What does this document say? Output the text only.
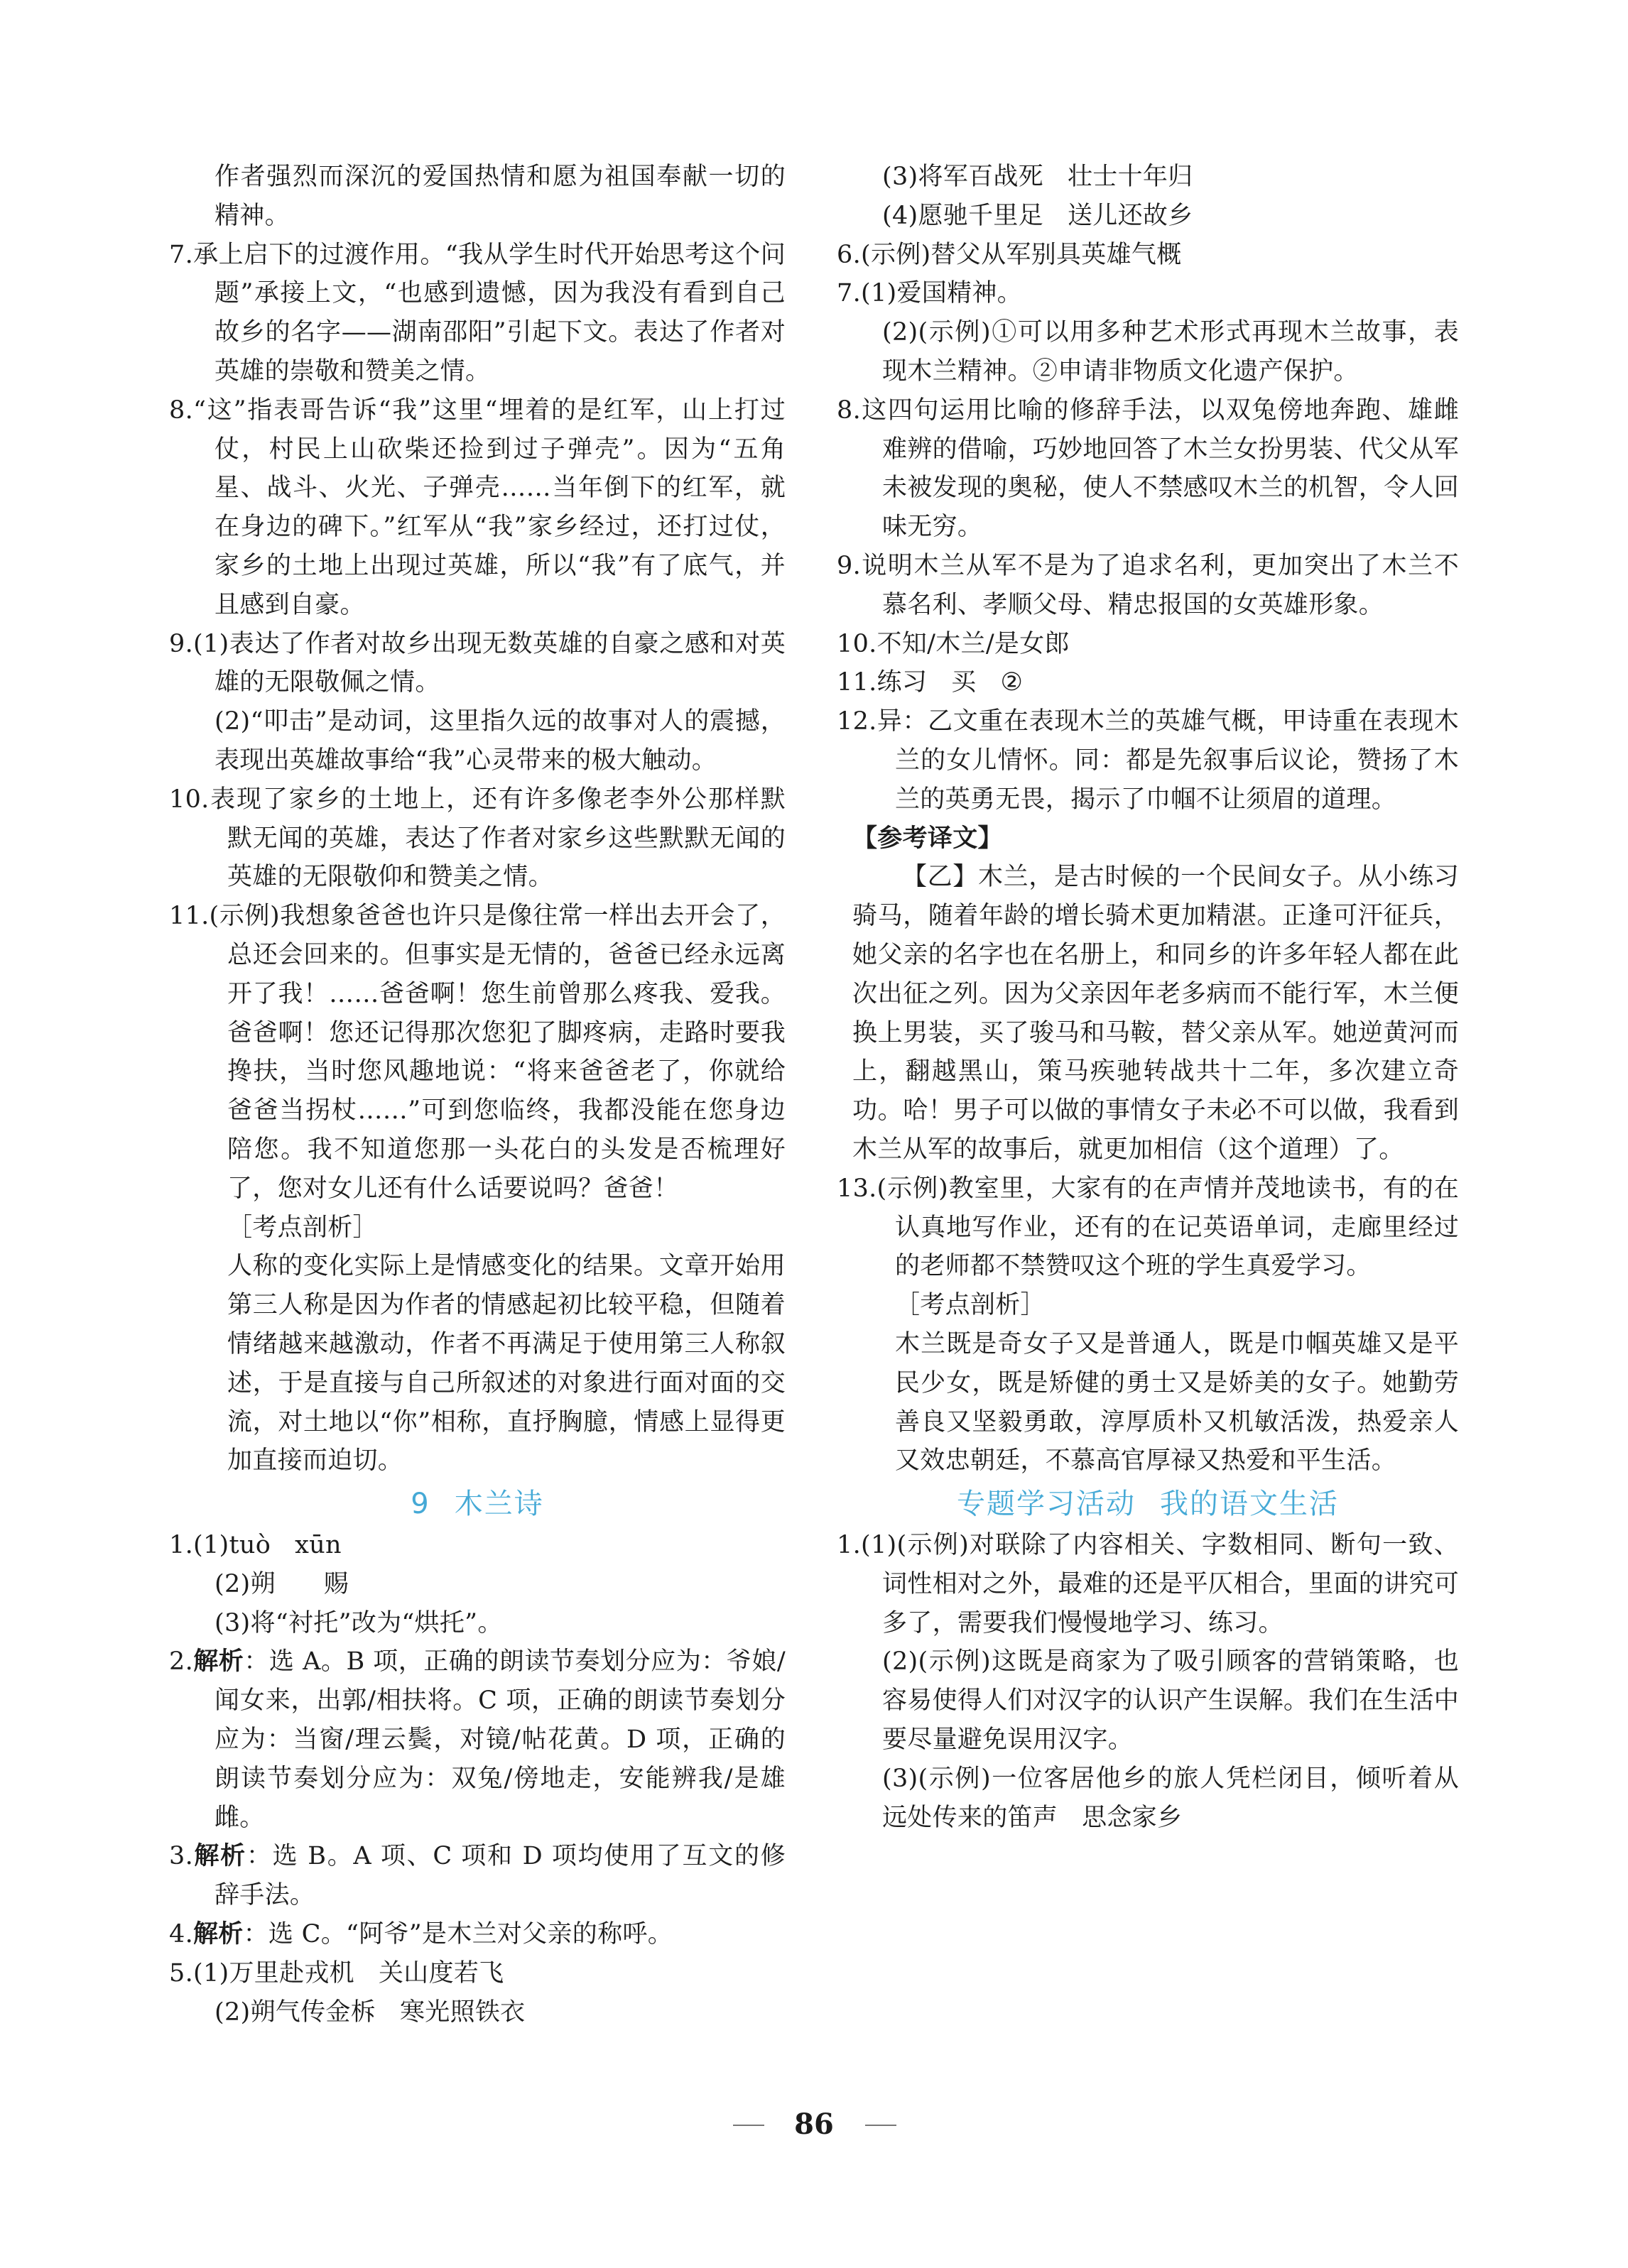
作者强烈而深沉的爱国热情和愿为祖国奉献一切的精神。

7.承上启下的过渡作用。“我从学生时代开始思考这个问题”承接上文，“也感到遗憾，因为我没有看到自己故乡的名字——湖南邵阳”引起下文。表达了作者对英雄的崇敬和赞美之情。

8.“这”指表哥告诉“我”这里“埋着的是红军，山上打过仗，村民上山砍柴还捡到过子弹壳”。因为“五角星、战斗、火光、子弹壳……当年倒下的红军，就在身边的碑下。”红军从“我”家乡经过，还打过仗，家乡的土地上出现过英雄，所以“我”有了底气，并且感到自豪。

9.(1)表达了作者对故乡出现无数英雄的自豪之感和对英雄的无限敬佩之情。

(2)“叩击”是动词，这里指久远的故事对人的震撼，表现出英雄故事给“我”心灵带来的极大触动。

10.表现了家乡的土地上，还有许多像老李外公那样默默无闻的英雄，表达了作者对家乡这些默默无闻的英雄的无限敬仰和赞美之情。

11.(示例)我想象爸爸也许只是像往常一样出去开会了，总还会回来的。但事实是无情的，爸爸已经永远离开了我！……爸爸啊！您生前曾那么疼我、爱我。爸爸啊！您还记得那次您犯了脚疼病，走路时要我搀扶，当时您风趣地说：“将来爸爸老了，你就给爸爸当拐杖……”可到您临终，我都没能在您身边陪您。我不知道您那一头花白的头发是否梳理好了，您对女儿还有什么话要说吗？爸爸！

［考点剖析］

人称的变化实际上是情感变化的结果。文章开始用第三人称是因为作者的情感起初比较平稳，但随着情绪越来越激动，作者不再满足于使用第三人称叙述，于是直接与自己所叙述的对象进行面对面的交流，对土地以“你”相称，直抒胸臆，情感上显得更加直接而迫切。

9 木兰诗

1.(1)tuò xūn

(2)朔 赐

(3)将“衬托”改为“烘托”。

2.解析：选 A。B 项，正确的朗读节奏划分应为：爷娘/闻女来，出郭/相扶将。C 项，正确的朗读节奏划分应为：当窗/理云鬓，对镜/帖花黄。D 项，正确的朗读节奏划分应为：双兔/傍地走，安能辨我/是雄雌。

3.解析：选 B。A 项、C 项和 D 项均使用了互文的修辞手法。

4.解析：选 C。“阿爷”是木兰对父亲的称呼。

5.(1)万里赴戎机 关山度若飞

(2)朔气传金柝 寒光照铁衣

(3)将军百战死 壮士十年归

(4)愿驰千里足 送儿还故乡

6.(示例)替父从军别具英雄气概

7.(1)爱国精神。

(2)(示例)①可以用多种艺术形式再现木兰故事，表现木兰精神。②申请非物质文化遗产保护。

8.这四句运用比喻的修辞手法，以双兔傍地奔跑、雄雌难辨的借喻，巧妙地回答了木兰女扮男装、代父从军未被发现的奥秘，使人不禁感叹木兰的机智，令人回味无穷。

9.说明木兰从军不是为了追求名利，更加突出了木兰不慕名利、孝顺父母、精忠报国的女英雄形象。

10.不知/木兰/是女郎

11.练习 买 ②

12.异：乙文重在表现木兰的英雄气概，甲诗重在表现木兰的女儿情怀。同：都是先叙事后议论，赞扬了木兰的英勇无畏，揭示了巾帼不让须眉的道理。

【参考译文】

【乙】木兰，是古时候的一个民间女子。从小练习骑马，随着年龄的增长骑术更加精湛。正逢可汗征兵，她父亲的名字也在名册上，和同乡的许多年轻人都在此次出征之列。因为父亲因年老多病而不能行军，木兰便换上男装，买了骏马和马鞍，替父亲从军。她逆黄河而上，翻越黑山，策马疾驰转战共十二年，多次建立奇功。哈！男子可以做的事情女子未必不可以做，我看到木兰从军的故事后，就更加相信（这个道理）了。

13.(示例)教室里，大家有的在声情并茂地读书，有的在认真地写作业，还有的在记英语单词，走廊里经过的老师都不禁赞叹这个班的学生真爱学习。

［考点剖析］

木兰既是奇女子又是普通人，既是巾帼英雄又是平民少女，既是矫健的勇士又是娇美的女子。她勤劳善良又坚毅勇敢，淳厚质朴又机敏活泼，热爱亲人又效忠朝廷，不慕高官厚禄又热爱和平生活。

专题学习活动 我的语文生活

1.(1)(示例)对联除了内容相关、字数相同、断句一致、词性相对之外，最难的还是平仄相合，里面的讲究可多了，需要我们慢慢地学习、练习。

(2)(示例)这既是商家为了吸引顾客的营销策略，也容易使得人们对汉字的认识产生误解。我们在生活中要尽量避免误用汉字。

(3)(示例)一位客居他乡的旅人凭栏闭目，倾听着从远处传来的笛声 思念家乡

86
